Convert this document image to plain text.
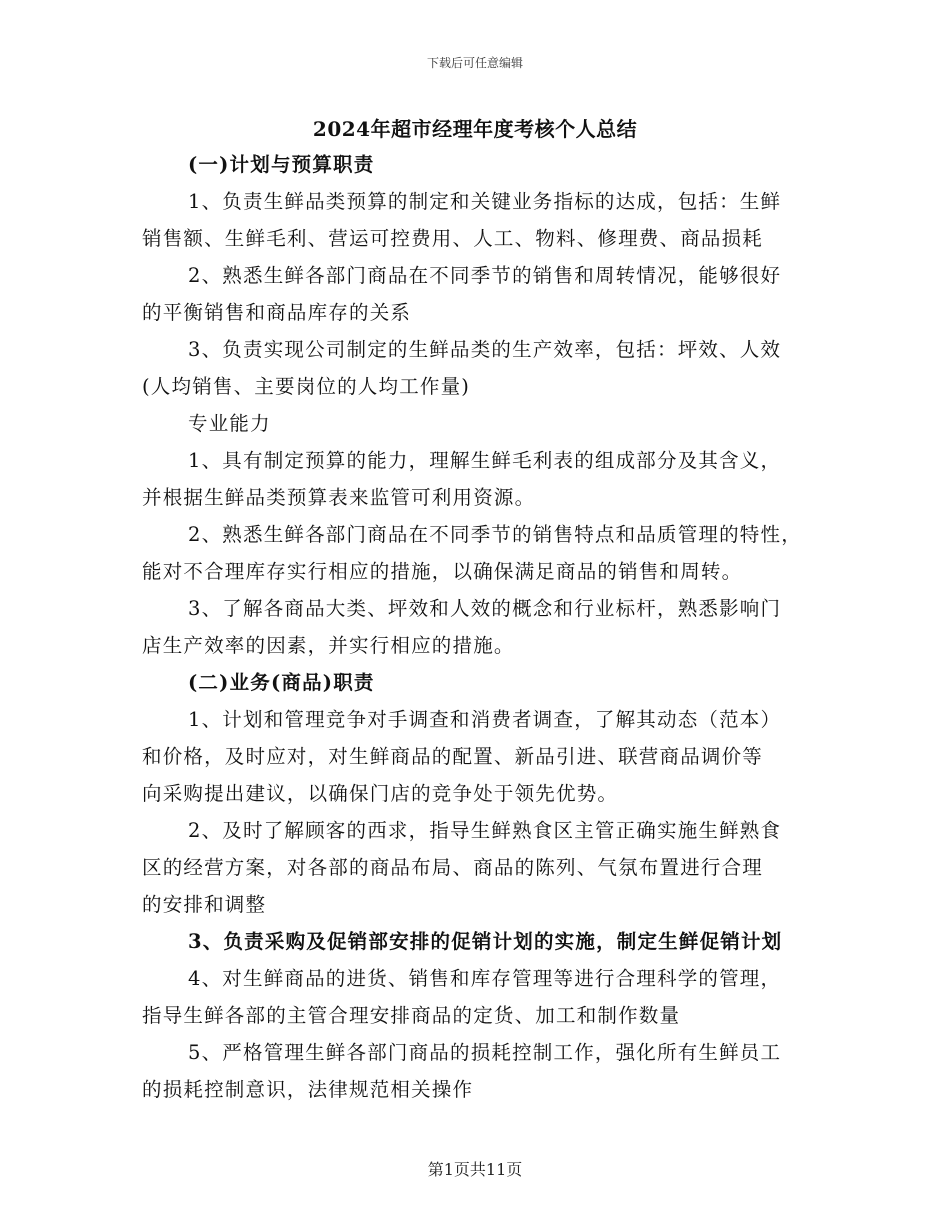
下载后可任意编辑
2024年超市经理年度考核个人总结
(一)计划与预算职责
1、负责生鲜品类预算的制定和关键业务指标的达成，包括：生鲜
销售额、生鲜毛利、营运可控费用、人工、物料、修理费、商品损耗
2、熟悉生鲜各部门商品在不同季节的销售和周转情况，能够很好
的平衡销售和商品库存的关系
3、负责实现公司制定的生鲜品类的生产效率，包括：坪效、人效
(人均销售、主要岗位的人均工作量)
专业能力
1、具有制定预算的能力，理解生鲜毛利表的组成部分及其含义，
并根据生鲜品类预算表来监管可利用资源。
2、熟悉生鲜各部门商品在不同季节的销售特点和品质管理的特性，
能对不合理库存实行相应的措施，以确保满足商品的销售和周转。
3、了解各商品大类、坪效和人效的概念和行业标杆，熟悉影响门
店生产效率的因素，并实行相应的措施。
(二)业务(商品)职责
1、计划和管理竞争对手调查和消费者调查，了解其动态（范本）
和价格，及时应对，对生鲜商品的配置、新品引进、联营商品调价等
向采购提出建议，以确保门店的竞争处于领先优势。
2、及时了解顾客的西求，指导生鲜熟食区主管正确实施生鲜熟食
区的经营方案，对各部的商品布局、商品的陈列、气氛布置进行合理
的安排和调整
3、负责采购及促销部安排的促销计划的实施，制定生鲜促销计划
4、对生鲜商品的进货、销售和库存管理等进行合理科学的管理，
指导生鲜各部的主管合理安排商品的定货、加工和制作数量
5、严格管理生鲜各部门商品的损耗控制工作，强化所有生鲜员工
的损耗控制意识，法律规范相关操作
第1页共11页
